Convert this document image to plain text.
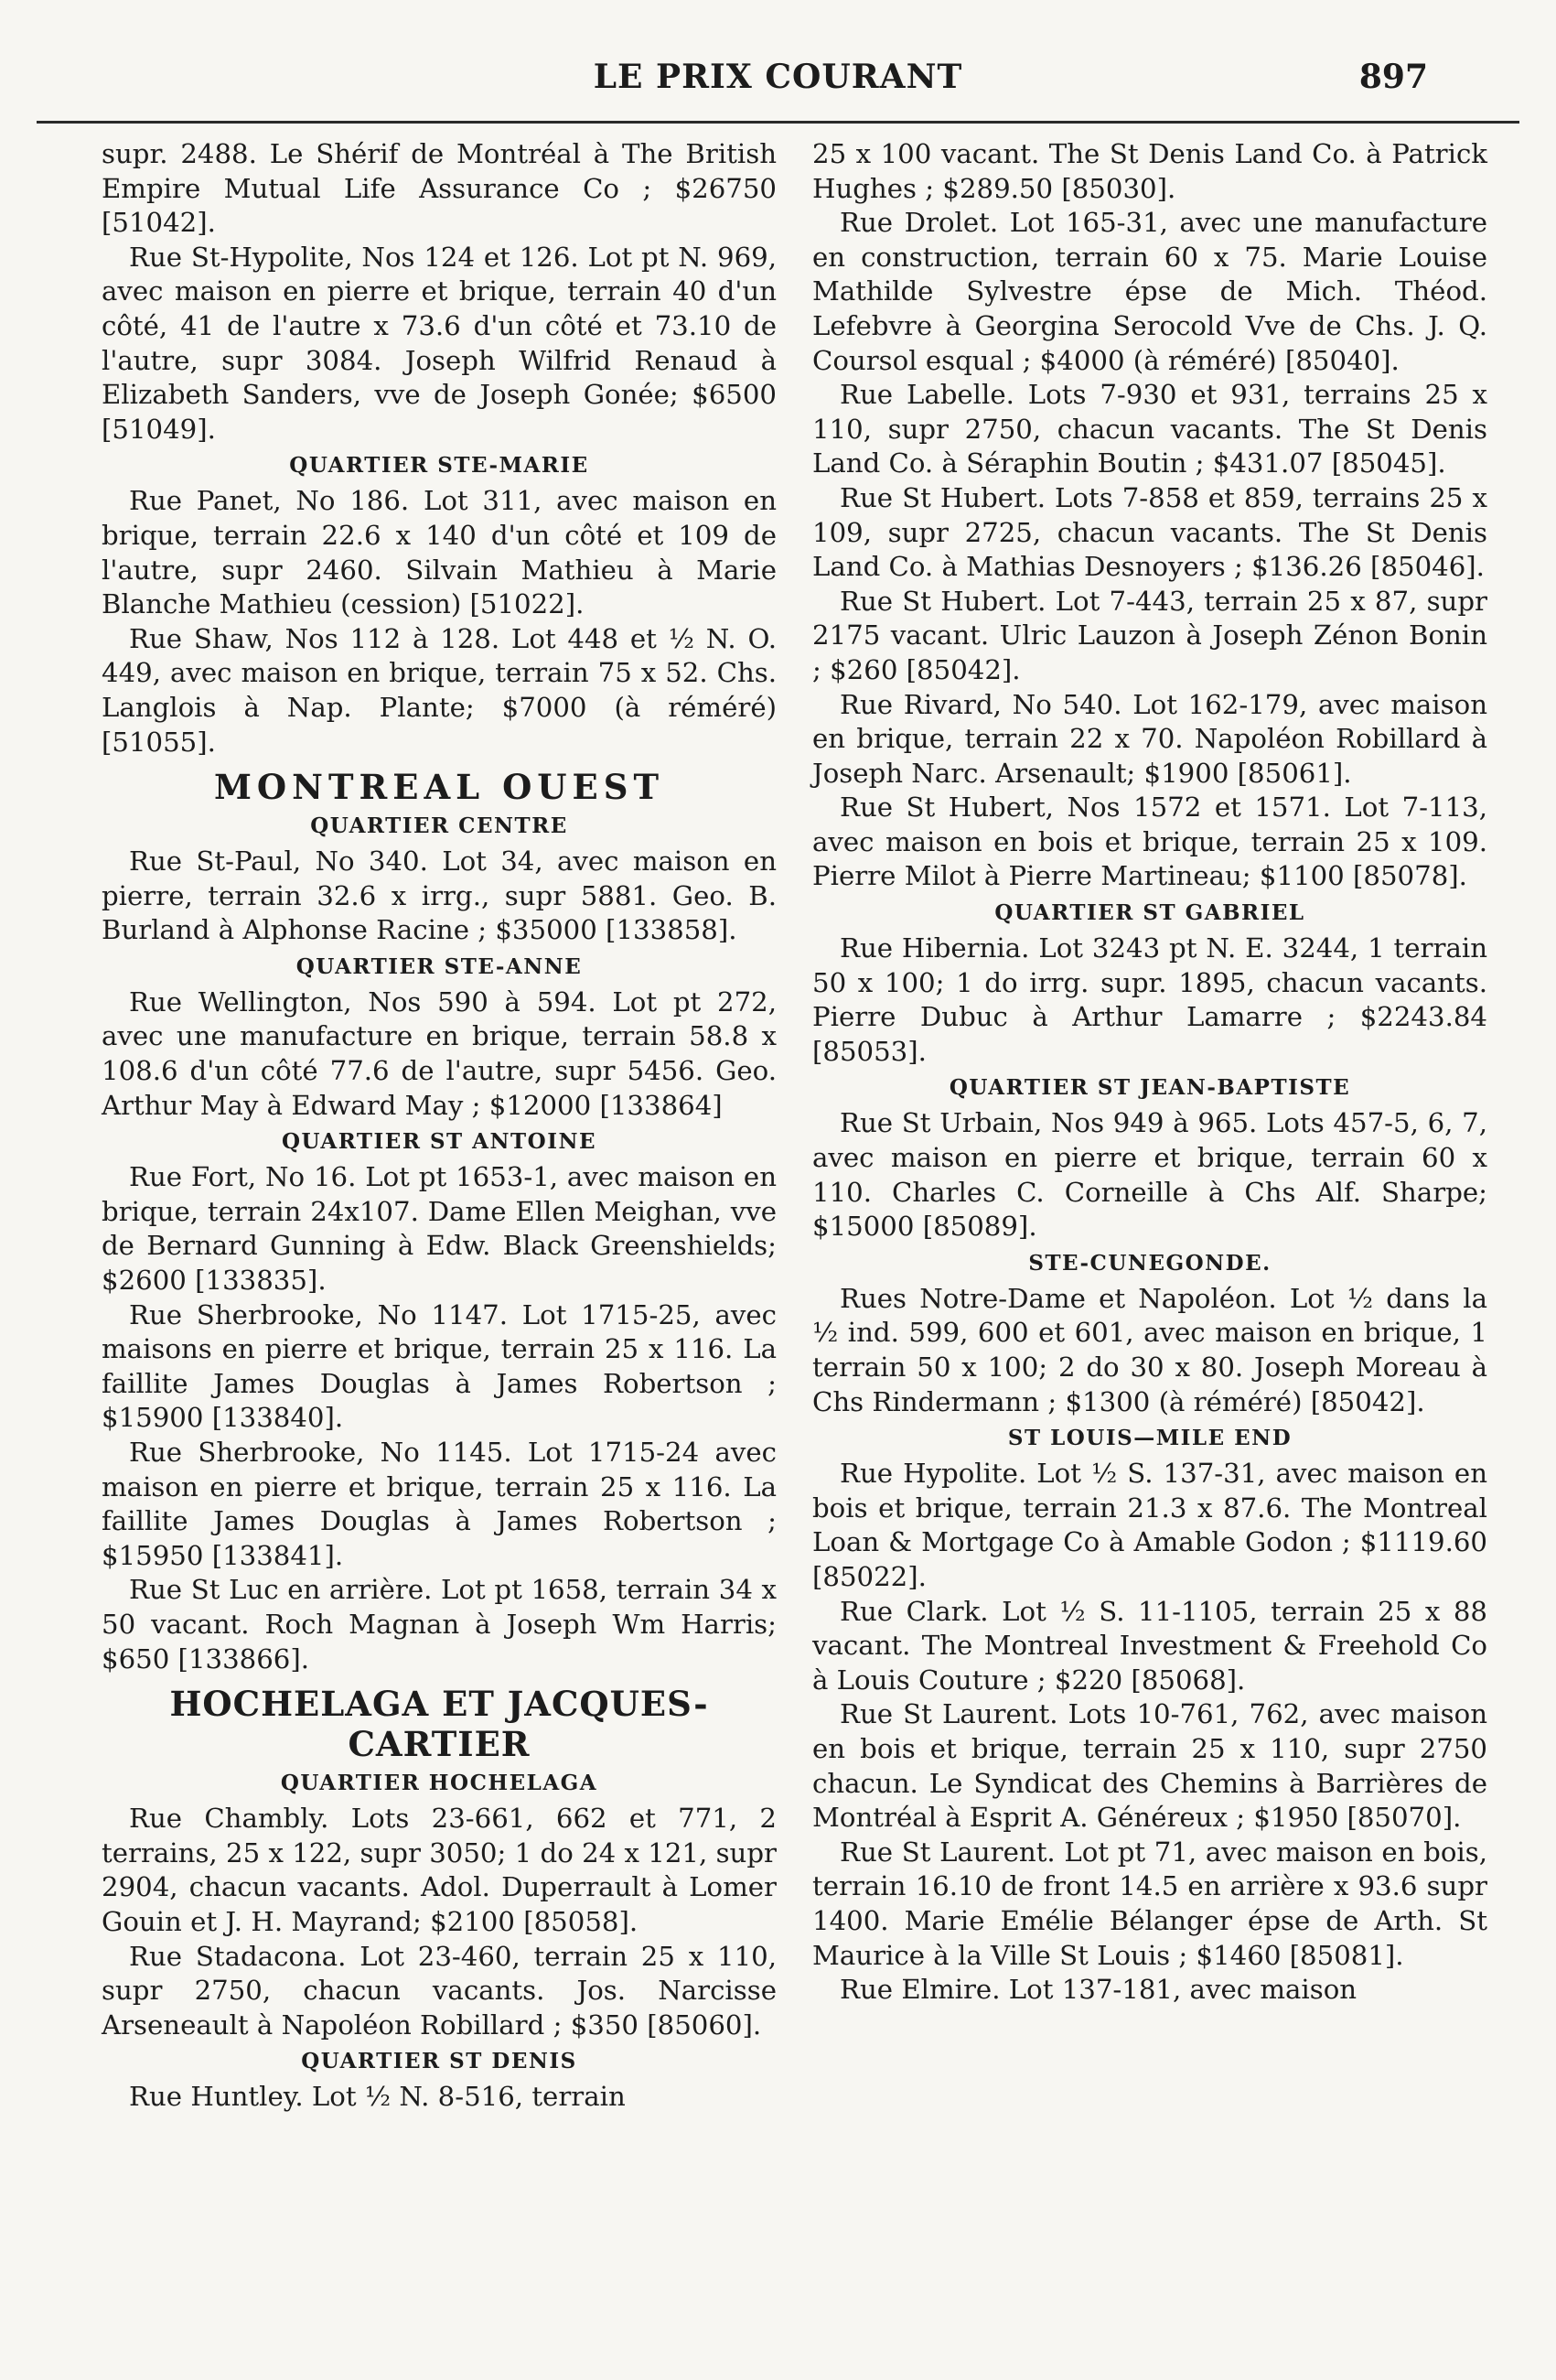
LE PRIX COURANT	897

supr. 2488. Le Shérif de Montréal à The British Empire Mutual Life Assurance Co ; $26750 [51042].

Rue St-Hypolite, Nos 124 et 126. Lot pt N. 969, avec maison en pierre et brique, terrain 40 d'un côté, 41 de l'autre x 73.6 d'un côté et 73.10 de l'autre, supr 3084. Joseph Wilfrid Renaud à Elizabeth Sanders, vve de Joseph Gonée; $6500 [51049].

QUARTIER STE-MARIE

Rue Panet, No 186. Lot 311, avec maison en brique, terrain 22.6 x 140 d'un côté et 109 de l'autre, supr 2460. Silvain Mathieu à Marie Blanche Mathieu (cession) [51022].

Rue Shaw, Nos 112 à 128. Lot 448 et ½ N. O. 449, avec maison en brique, terrain 75 x 52. Chs. Langlois à Nap. Plante; $7000 (à réméré) [51055].

MONTREAL OUEST
QUARTIER CENTRE

Rue St-Paul, No 340. Lot 34, avec maison en pierre, terrain 32.6 x irrg., supr 5881. Geo. B. Burland à Alphonse Racine ; $35000 [133858].

QUARTIER STE-ANNE

Rue Wellington, Nos 590 à 594. Lot pt 272, avec une manufacture en brique, terrain 58.8 x 108.6 d'un côté 77.6 de l'autre, supr 5456. Geo. Arthur May à Edward May ; $12000 [133864]

QUARTIER ST ANTOINE

Rue Fort, No 16. Lot pt 1653-1, avec maison en brique, terrain 24x107. Dame Ellen Meighan, vve de Bernard Gunning à Edw. Black Greenshields; $2600 [133835].

Rue Sherbrooke, No 1147. Lot 1715-25, avec maisons en pierre et brique, terrain 25 x 116. La faillite James Douglas à James Robertson ; $15900 [133840].

Rue Sherbrooke, No 1145. Lot 1715-24 avec maison en pierre et brique, terrain 25 x 116. La faillite James Douglas à James Robertson ; $15950 [133841].

Rue St Luc en arrière. Lot pt 1658, terrain 34 x 50 vacant. Roch Magnan à Joseph Wm Harris; $650 [133866].

HOCHELAGA ET JACQUES-CARTIER
QUARTIER HOCHELAGA

Rue Chambly. Lots 23-661, 662 et 771, 2 terrains, 25 x 122, supr 3050; 1 do 24 x 121, supr 2904, chacun vacants. Adol. Duperrault à Lomer Gouin et J. H. Mayrand; $2100 [85058].

Rue Stadacona. Lot 23-460, terrain 25 x 110, supr 2750, chacun vacants. Jos. Narcisse Arseneault à Napoléon Robillard ; $350 [85060].

QUARTIER ST DENIS

Rue Huntley. Lot ½ N. 8-516, terrain

25 x 100 vacant. The St Denis Land Co. à Patrick Hughes ; $289.50 [85030].

Rue Drolet. Lot 165-31, avec une manufacture en construction, terrain 60 x 75. Marie Louise Mathilde Sylvestre épse de Mich. Théod. Lefebvre à Georgina Serocold Vve de Chs. J. Q. Coursol esqual ; $4000 (à réméré) [85040].

Rue Labelle. Lots 7-930 et 931, terrains 25 x 110, supr 2750, chacun vacants. The St Denis Land Co. à Séraphin Boutin ; $431.07 [85045].

Rue St Hubert. Lots 7-858 et 859, terrains 25 x 109, supr 2725, chacun vacants. The St Denis Land Co. à Mathias Desnoyers ; $136.26 [85046].

Rue St Hubert. Lot 7-443, terrain 25 x 87, supr 2175 vacant. Ulric Lauzon à Joseph Zénon Bonin ; $260 [85042].

Rue Rivard, No 540. Lot 162-179, avec maison en brique, terrain 22 x 70. Napoléon Robillard à Joseph Narc. Arsenault; $1900 [85061].

Rue St Hubert, Nos 1572 et 1571. Lot 7-113, avec maison en bois et brique, terrain 25 x 109. Pierre Milot à Pierre Martineau; $1100 [85078].

QUARTIER ST GABRIEL

Rue Hibernia. Lot 3243 pt N. E. 3244, 1 terrain 50 x 100; 1 do irrg. supr. 1895, chacun vacants. Pierre Dubuc à Arthur Lamarre ; $2243.84 [85053].

QUARTIER ST JEAN-BAPTISTE

Rue St Urbain, Nos 949 à 965. Lots 457-5, 6, 7, avec maison en pierre et brique, terrain 60 x 110. Charles C. Corneille à Chs Alf. Sharpe; $15000 [85089].

STE-CUNEGONDE.

Rues Notre-Dame et Napoléon. Lot ½ dans la ½ ind. 599, 600 et 601, avec maison en brique, 1 terrain 50 x 100; 2 do 30 x 80. Joseph Moreau à Chs Rindermann ; $1300 (à réméré) [85042].

ST LOUIS—MILE END

Rue Hypolite. Lot ½ S. 137-31, avec maison en bois et brique, terrain 21.3 x 87.6. The Montreal Loan & Mortgage Co à Amable Godon ; $1119.60 [85022].

Rue Clark. Lot ½ S. 11-1105, terrain 25 x 88 vacant. The Montreal Investment & Freehold Co à Louis Couture ; $220 [85068].

Rue St Laurent. Lots 10-761, 762, avec maison en bois et brique, terrain 25 x 110, supr 2750 chacun. Le Syndicat des Chemins à Barrières de Montréal à Esprit A. Généreux ; $1950 [85070].

Rue St Laurent. Lot pt 71, avec maison en bois, terrain 16.10 de front 14.5 en arrière x 93.6 supr 1400. Marie Emélie Bélanger épse de Arth. St Maurice à la Ville St Louis ; $1460 [85081].

Rue Elmire. Lot 137-181, avec maison
